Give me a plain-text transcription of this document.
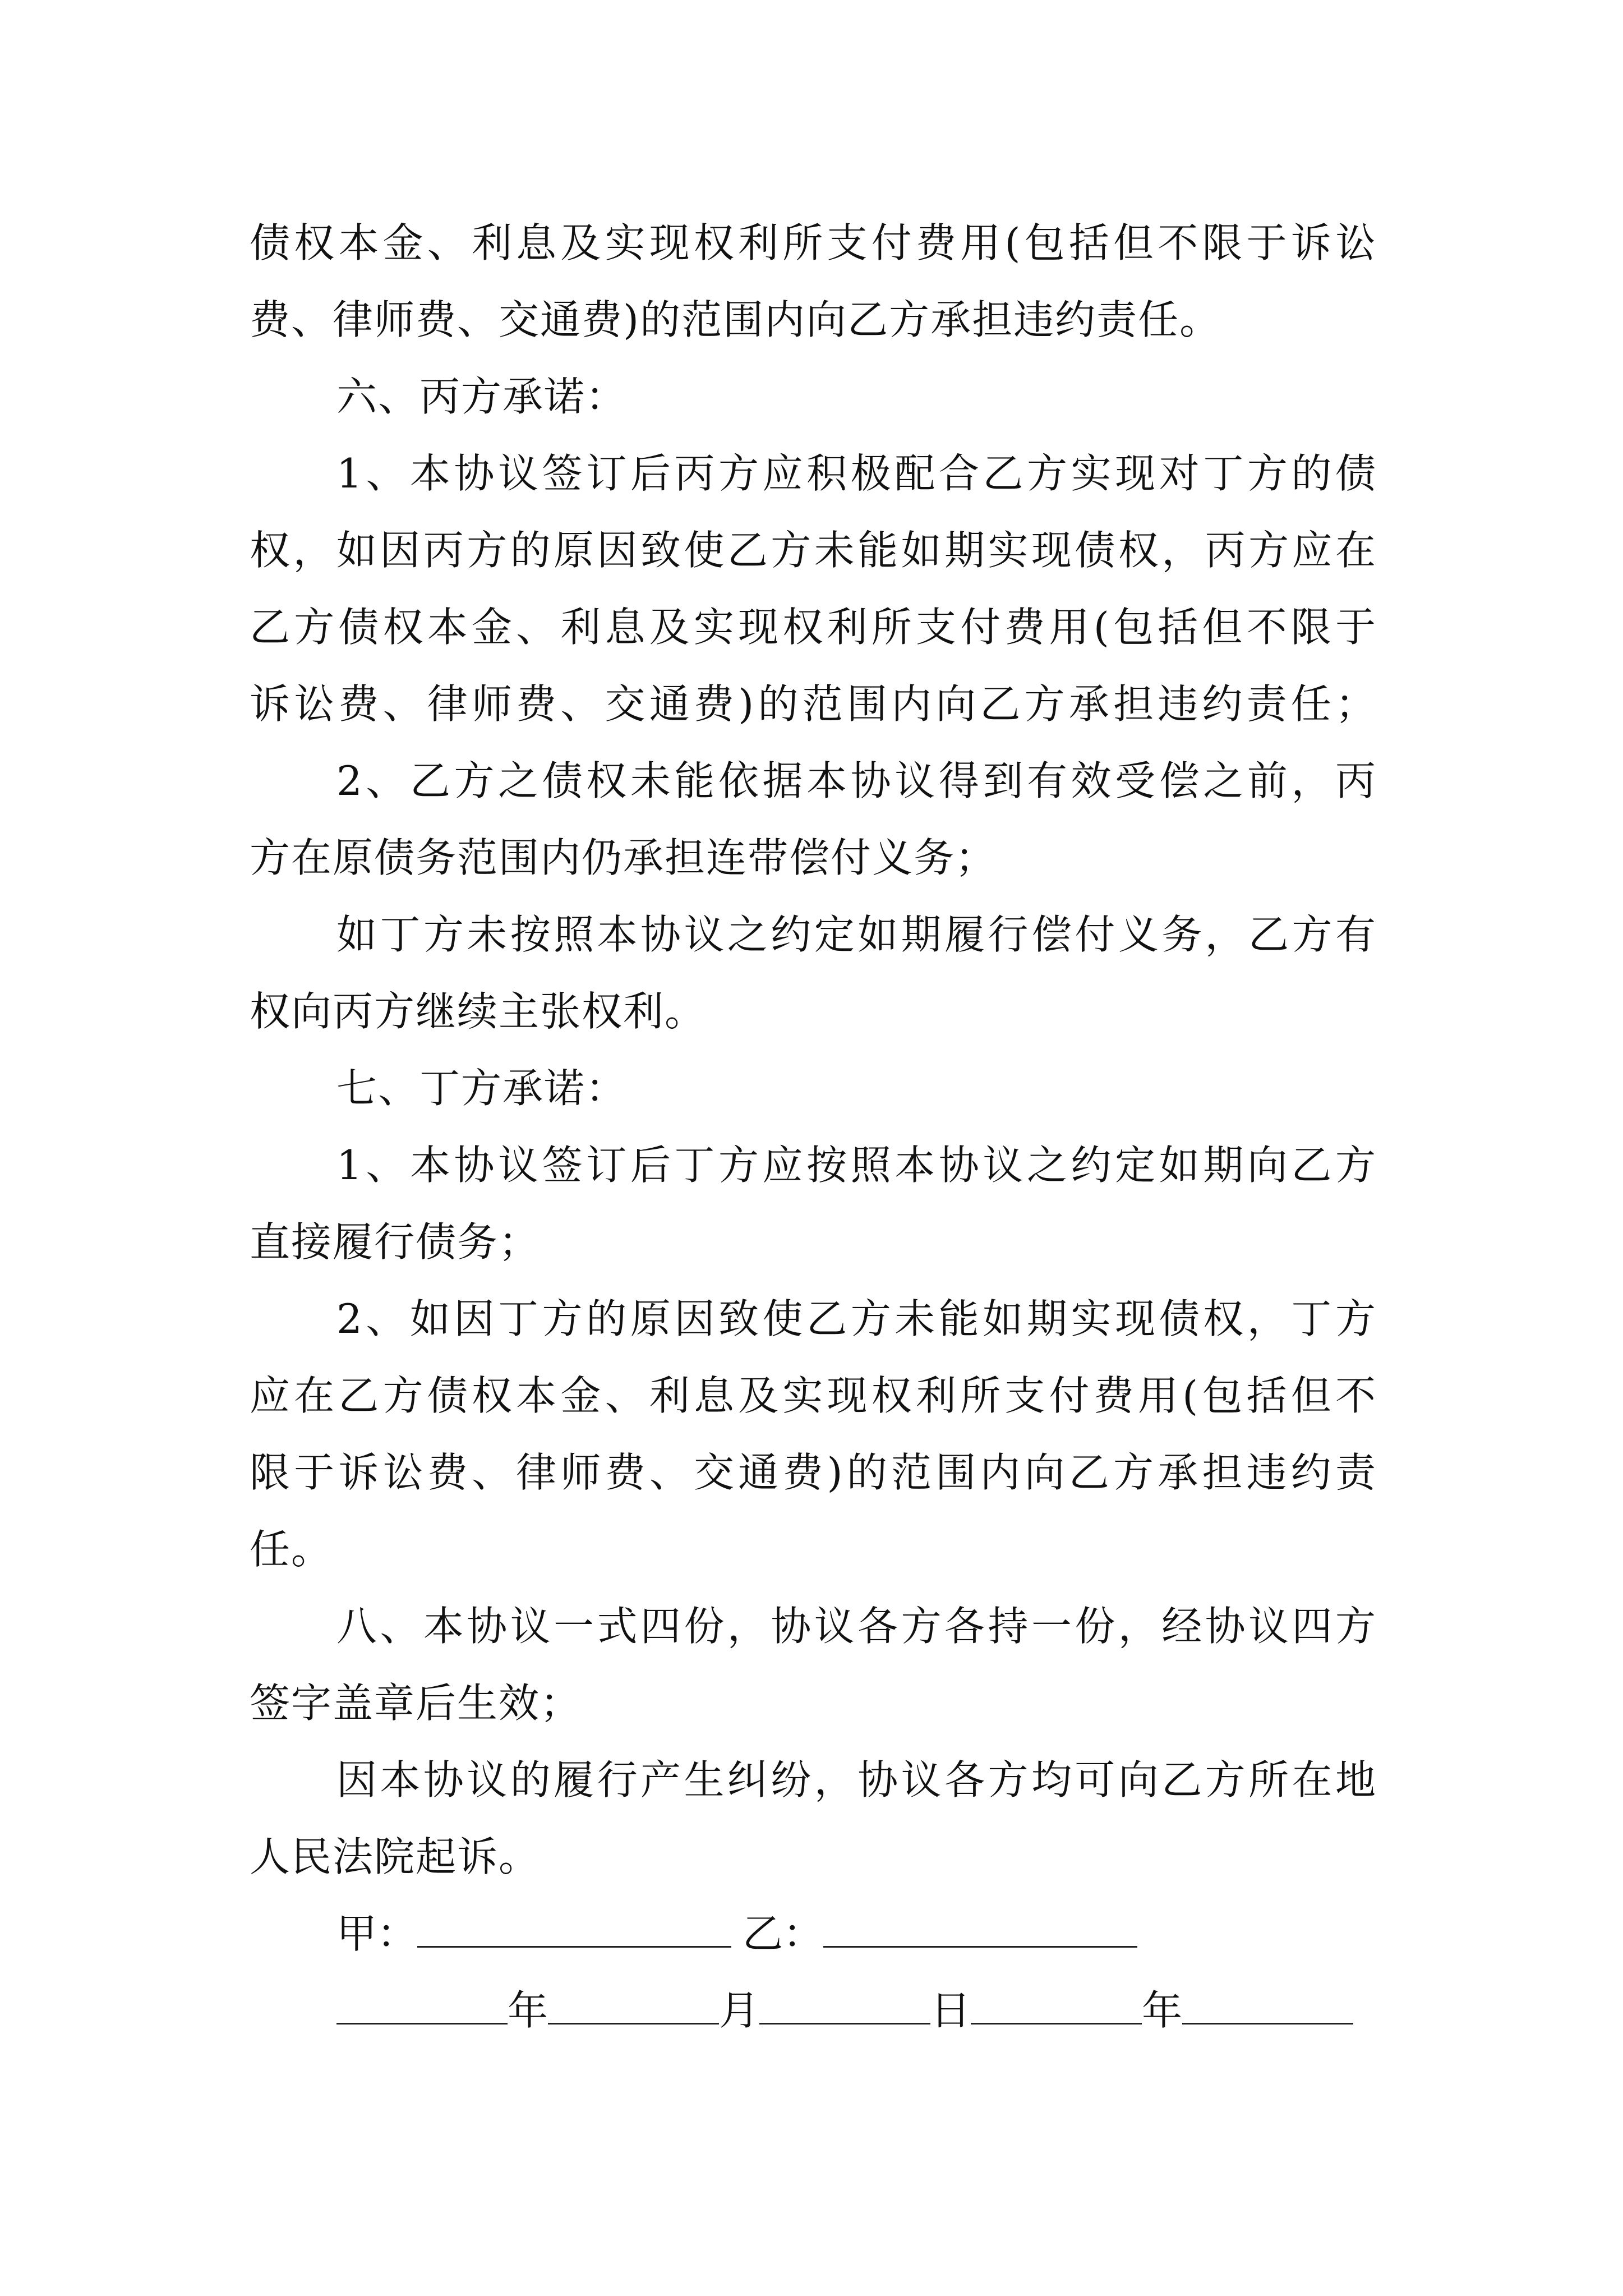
债权本金、利息及实现权利所支付费用(包括但不限于诉讼
费、律师费、交通费)的范围内向乙方承担违约责任。
六、丙方承诺：
1、本协议签订后丙方应积极配合乙方实现对丁方的债
权，如因丙方的原因致使乙方未能如期实现债权，丙方应在
乙方债权本金、利息及实现权利所支付费用(包括但不限于
诉讼费、律师费、交通费)的范围内向乙方承担违约责任；
2、乙方之债权未能依据本协议得到有效受偿之前，丙
方在原债务范围内仍承担连带偿付义务；
如丁方未按照本协议之约定如期履行偿付义务，乙方有
权向丙方继续主张权利。
七、丁方承诺：
1、本协议签订后丁方应按照本协议之约定如期向乙方
直接履行债务；
2、如因丁方的原因致使乙方未能如期实现债权，丁方
应在乙方债权本金、利息及实现权利所支付费用(包括但不
限于诉讼费、律师费、交通费)的范围内向乙方承担违约责
任。
八、本协议一式四份，协议各方各持一份，经协议四方
签字盖章后生效；
因本协议的履行产生纠纷，协议各方均可向乙方所在地
人民法院起诉。
甲：	乙：
年	月	日	年
